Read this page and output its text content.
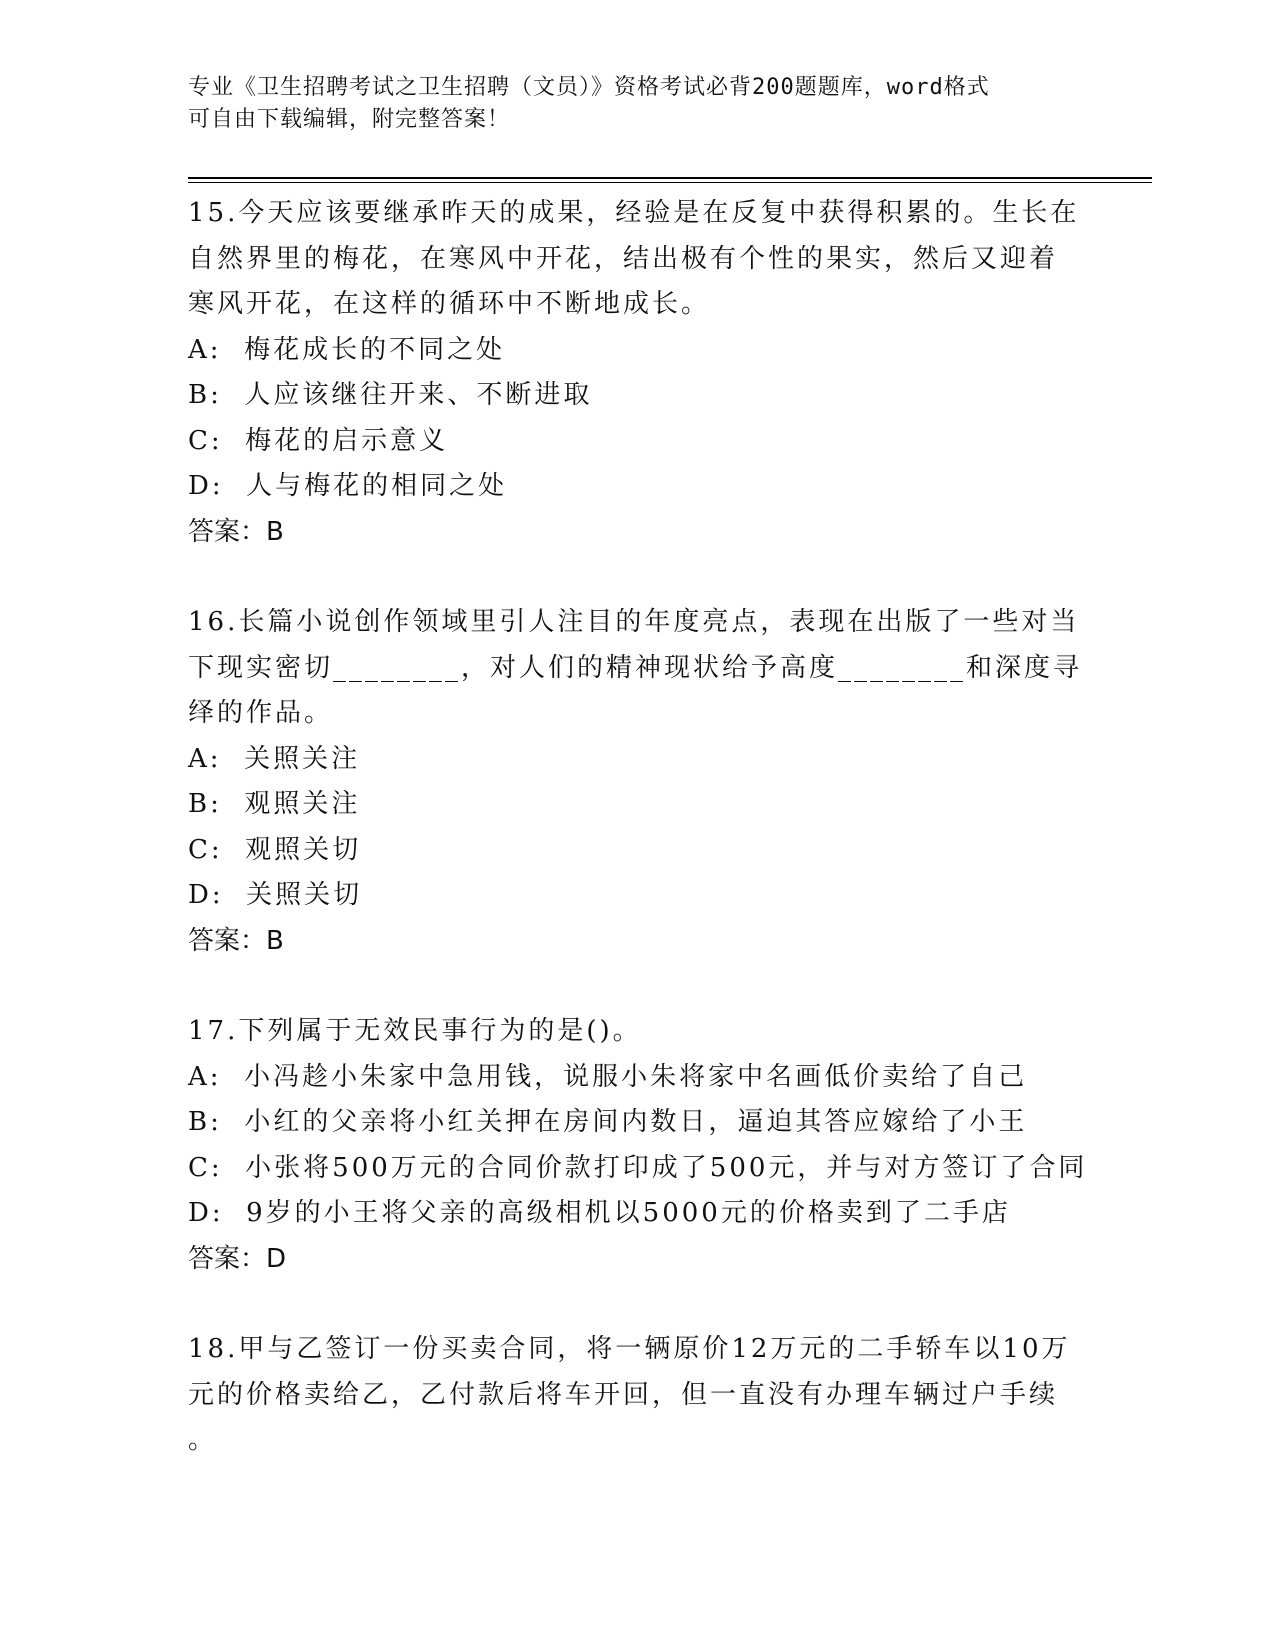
专业《卫生招聘考试之卫生招聘（文员）》资格考试必背200题题库，word格式
可自由下载编辑，附完整答案！

15.今天应该要继承昨天的成果，经验是在反复中获得积累的。生长在

自然界里的梅花，在寒风中开花，结出极有个性的果实，然后又迎着

寒风开花，在这样的循环中不断地成长。

A:  梅花成长的不同之处

B:  人应该继往开来、不断进取

C:  梅花的启示意义

D:  人与梅花的相同之处

答案：B

16.长篇小说创作领域里引人注目的年度亮点，表现在出版了一些对当

下现实密切________，对人们的精神现状给予高度________和深度寻

绎的作品。

A:  关照关注

B:  观照关注

C:  观照关切

D:  关照关切

答案：B

17.下列属于无效民事行为的是()。

A:  小冯趁小朱家中急用钱，说服小朱将家中名画低价卖给了自己

B:  小红的父亲将小红关押在房间内数日，逼迫其答应嫁给了小王

C:  小张将500万元的合同价款打印成了500元，并与对方签订了合同

D:  9岁的小王将父亲的高级相机以5000元的价格卖到了二手店

答案：D

18.甲与乙签订一份买卖合同，将一辆原价12万元的二手轿车以10万

元的价格卖给乙，乙付款后将车开回，但一直没有办理车辆过户手续

。
